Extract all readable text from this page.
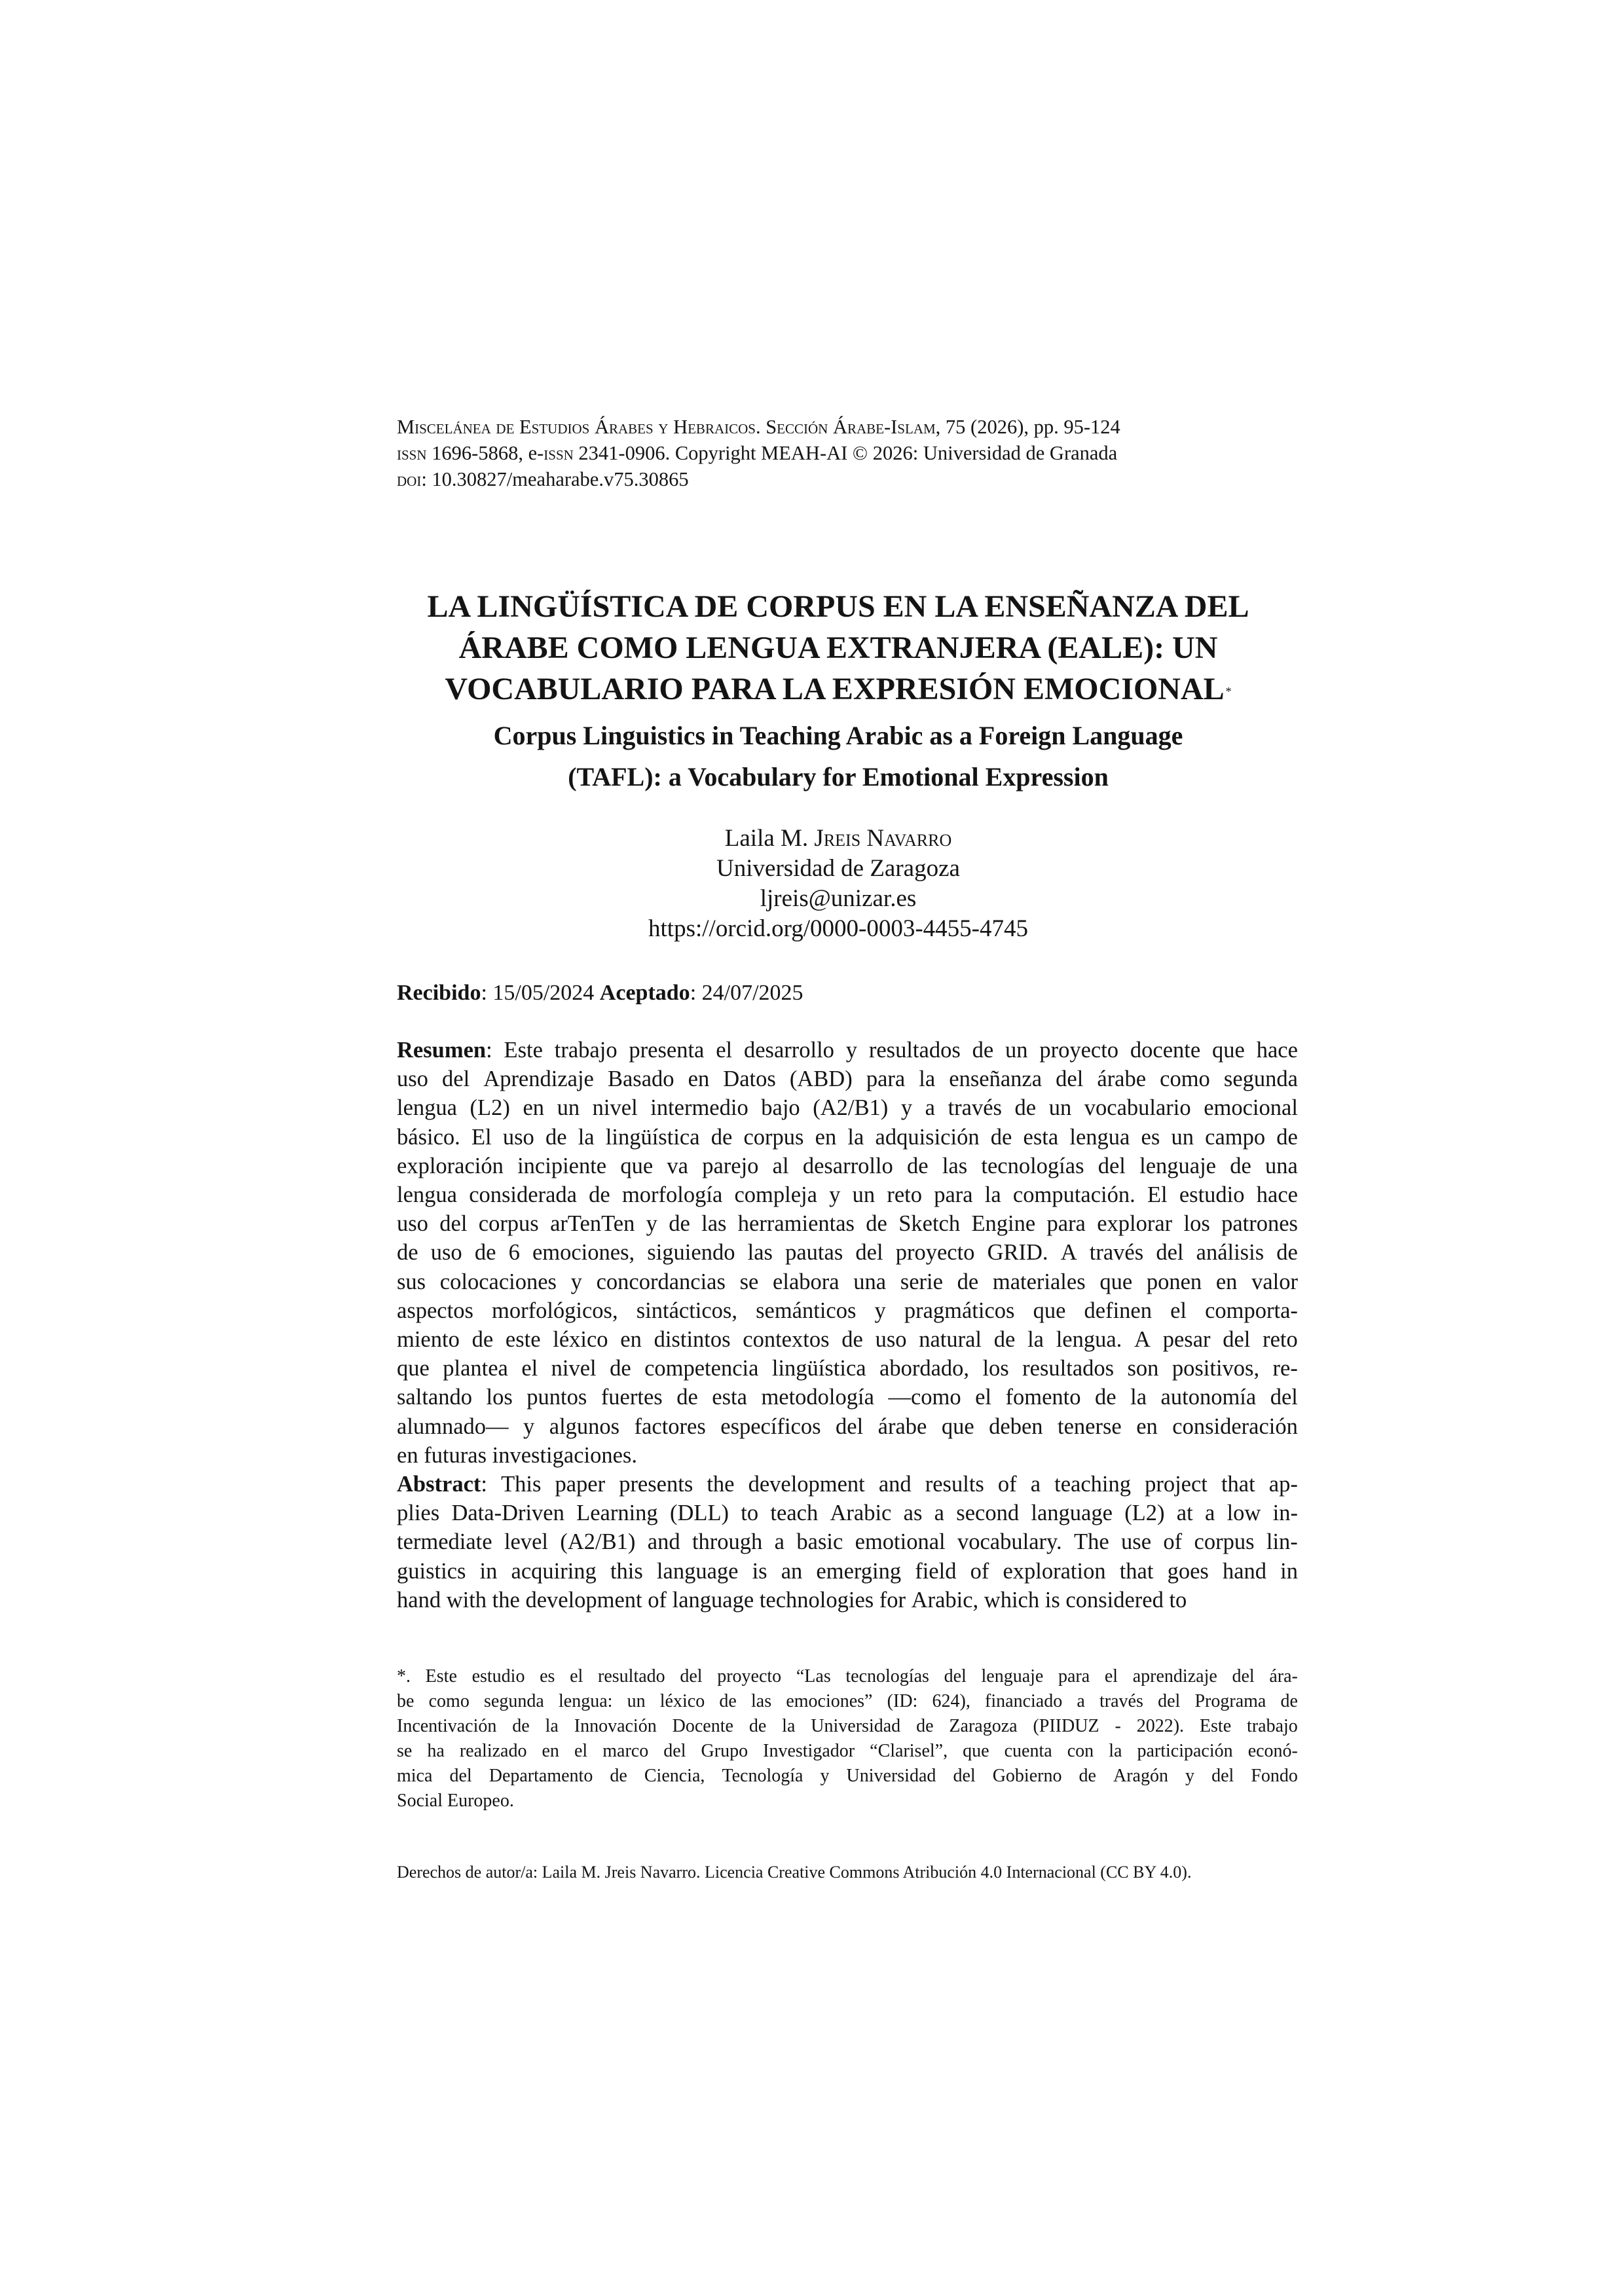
Miscelánea de Estudios Árabes y Hebraicos. Sección Árabe-Islam, 75 (2026), pp. 95-124
issn 1696-5868, e-issn 2341-0906. Copyright MEAH-AI © 2026: Universidad de Granada
doi: 10.30827/meaharabe.v75.30865
LA LINGÜÍSTICA DE CORPUS EN LA ENSEÑANZA DEL
ÁRABE COMO LENGUA EXTRANJERA (EALE): UN
VOCABULARIO PARA LA EXPRESIÓN EMOCIONAL *
Corpus Linguistics in Teaching Arabic as a Foreign Language
(TAFL): a Vocabulary for Emotional Expression
Laila M. Jreis Navarro
Universidad de Zaragoza
ljreis@unizar.es
https://orcid.org/0000-0003-4455-4745
Recibido: 15/05/2024 Aceptado: 24/07/2025
Resumen: Este trabajo presenta el desarrollo y resultados de un proyecto docente que hace
uso del Aprendizaje Basado en Datos (ABD) para la enseñanza del árabe como segunda
lengua (L2) en un nivel intermedio bajo (A2/B1) y a través de un vocabulario emocional
básico. El uso de la lingüística de corpus en la adquisición de esta lengua es un campo de
exploración incipiente que va parejo al desarrollo de las tecnologías del lenguaje de una
lengua considerada de morfología compleja y un reto para la computación. El estudio hace
uso del corpus arTenTen y de las herramientas de Sketch Engine para explorar los patrones
de uso de 6 emociones, siguiendo las pautas del proyecto GRID. A través del análisis de
sus colocaciones y concordancias se elabora una serie de materiales que ponen en valor
aspectos morfológicos, sintácticos, semánticos y pragmáticos que definen el comporta-
miento de este léxico en distintos contextos de uso natural de la lengua. A pesar del reto
que plantea el nivel de competencia lingüística abordado, los resultados son positivos, re-
saltando los puntos fuertes de esta metodología —como el fomento de la autonomía del
alumnado— y algunos factores específicos del árabe que deben tenerse en consideración
en futuras investigaciones.
Abstract: This paper presents the development and results of a teaching project that ap-
plies Data-Driven Learning (DLL) to teach Arabic as a second language (L2) at a low in-
termediate level (A2/B1) and through a basic emotional vocabulary. The use of corpus lin-
guistics in acquiring this language is an emerging field of exploration that goes hand in
hand with the development of language technologies for Arabic, which is considered to
*. Este estudio es el resultado del proyecto “Las tecnologías del lenguaje para el aprendizaje del ára-
be como segunda lengua: un léxico de las emociones” (ID: 624), financiado a través del Programa de
Incentivación de la Innovación Docente de la Universidad de Zaragoza (PIIDUZ - 2022). Este trabajo
se ha realizado en el marco del Grupo Investigador “Clarisel”, que cuenta con la participación econó-
mica del Departamento de Ciencia, Tecnología y Universidad del Gobierno de Aragón y del Fondo
Social Europeo.
Derechos de autor/a: Laila M. Jreis Navarro. Licencia Creative Commons Atribución 4.0 Internacional (CC BY 4.0).
